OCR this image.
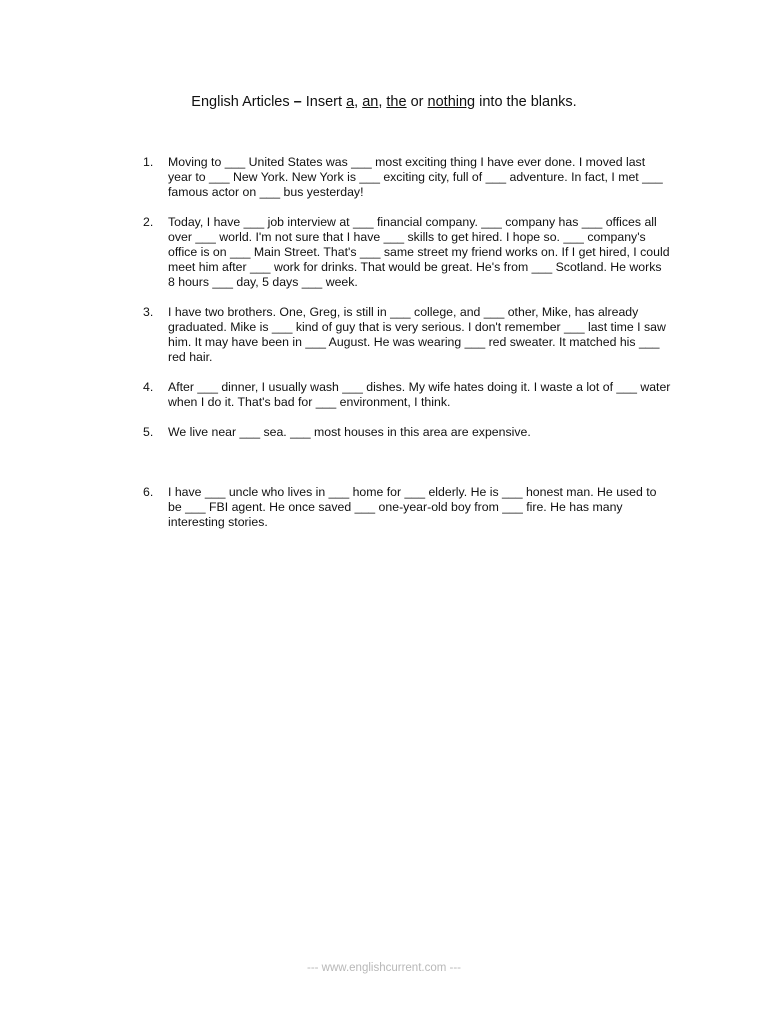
English Articles – Insert a, an, the or nothing into the blanks.
1. Moving to ___ United States was ___ most exciting thing I have ever done. I moved last year to ___ New York. New York is ___ exciting city, full of ___ adventure. In fact, I met ___ famous actor on ___ bus yesterday!
2. Today, I have ___ job interview at ___ financial company. ___ company has ___ offices all over ___ world. I'm not sure that I have ___ skills to get hired. I hope so. ___ company's office is on ___ Main Street. That's ___ same street my friend works on. If I get hired, I could meet him after ___ work for drinks. That would be great. He's from ___ Scotland. He works 8 hours ___ day, 5 days ___ week.
3. I have two brothers. One, Greg, is still in ___ college, and ___ other, Mike, has already graduated. Mike is ___ kind of guy that is very serious. I don't remember ___ last time I saw him. It may have been in ___ August. He was wearing ___ red sweater. It matched his ___ red hair.
4. After ___ dinner, I usually wash ___ dishes. My wife hates doing it. I waste a lot of ___ water when I do it. That's bad for ___ environment, I think.
5. We live near ___ sea. ___ most houses in this area are expensive.
6. I have ___ uncle who lives in ___ home for ___ elderly. He is ___ honest man. He used to be ___ FBI agent. He once saved ___ one-year-old boy from ___ fire. He has many interesting stories.
--- www.englishcurrent.com ---
